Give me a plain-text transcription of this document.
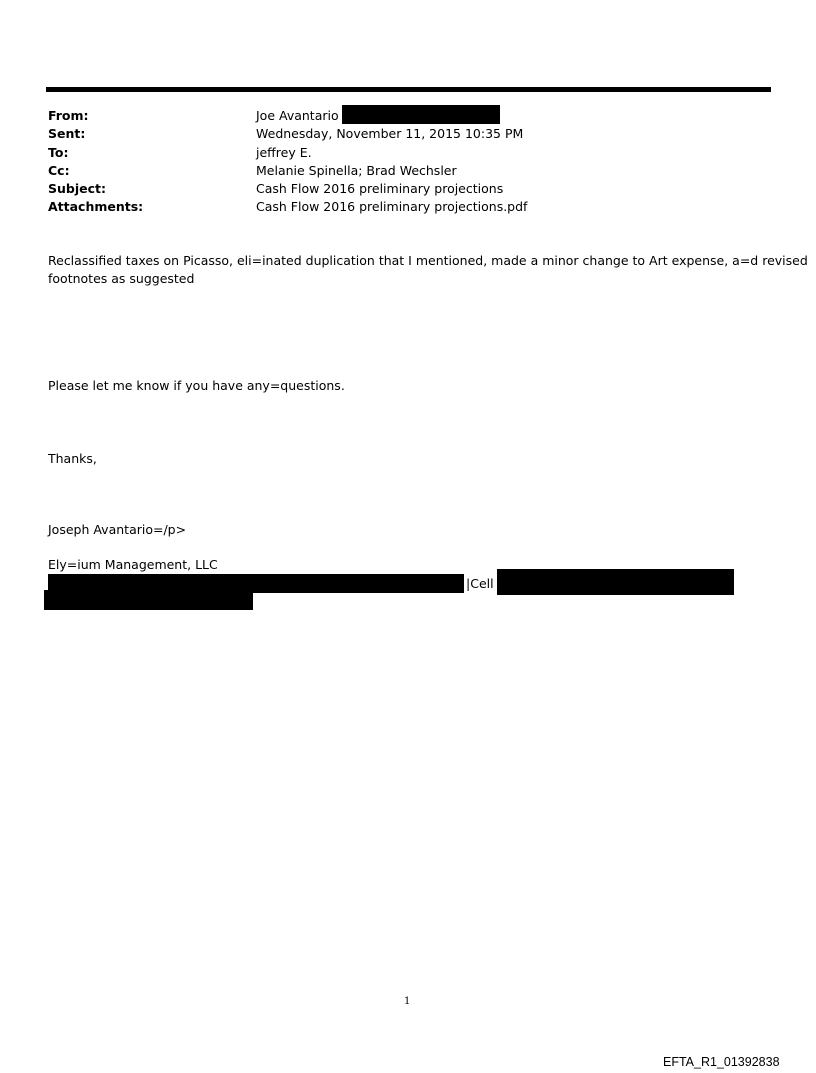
From:	Joe Avantario
Sent:	Wednesday, November 11, 2015 10:35 PM
To:	jeffrey E.
Cc:	Melanie Spinella; Brad Wechsler
Subject:	Cash Flow 2016 preliminary projections
Attachments:	Cash Flow 2016 preliminary projections.pdf
Reclassified taxes on Picasso, eli=inated duplication that I mentioned, made a minor change to Art expense, a=d revised
footnotes as suggested
Please let me know if you have any=questions.
Thanks,
Joseph Avantario=/p>
Ely=ium Management, LLC
|Cell
1
EFTA_R1_01392838
